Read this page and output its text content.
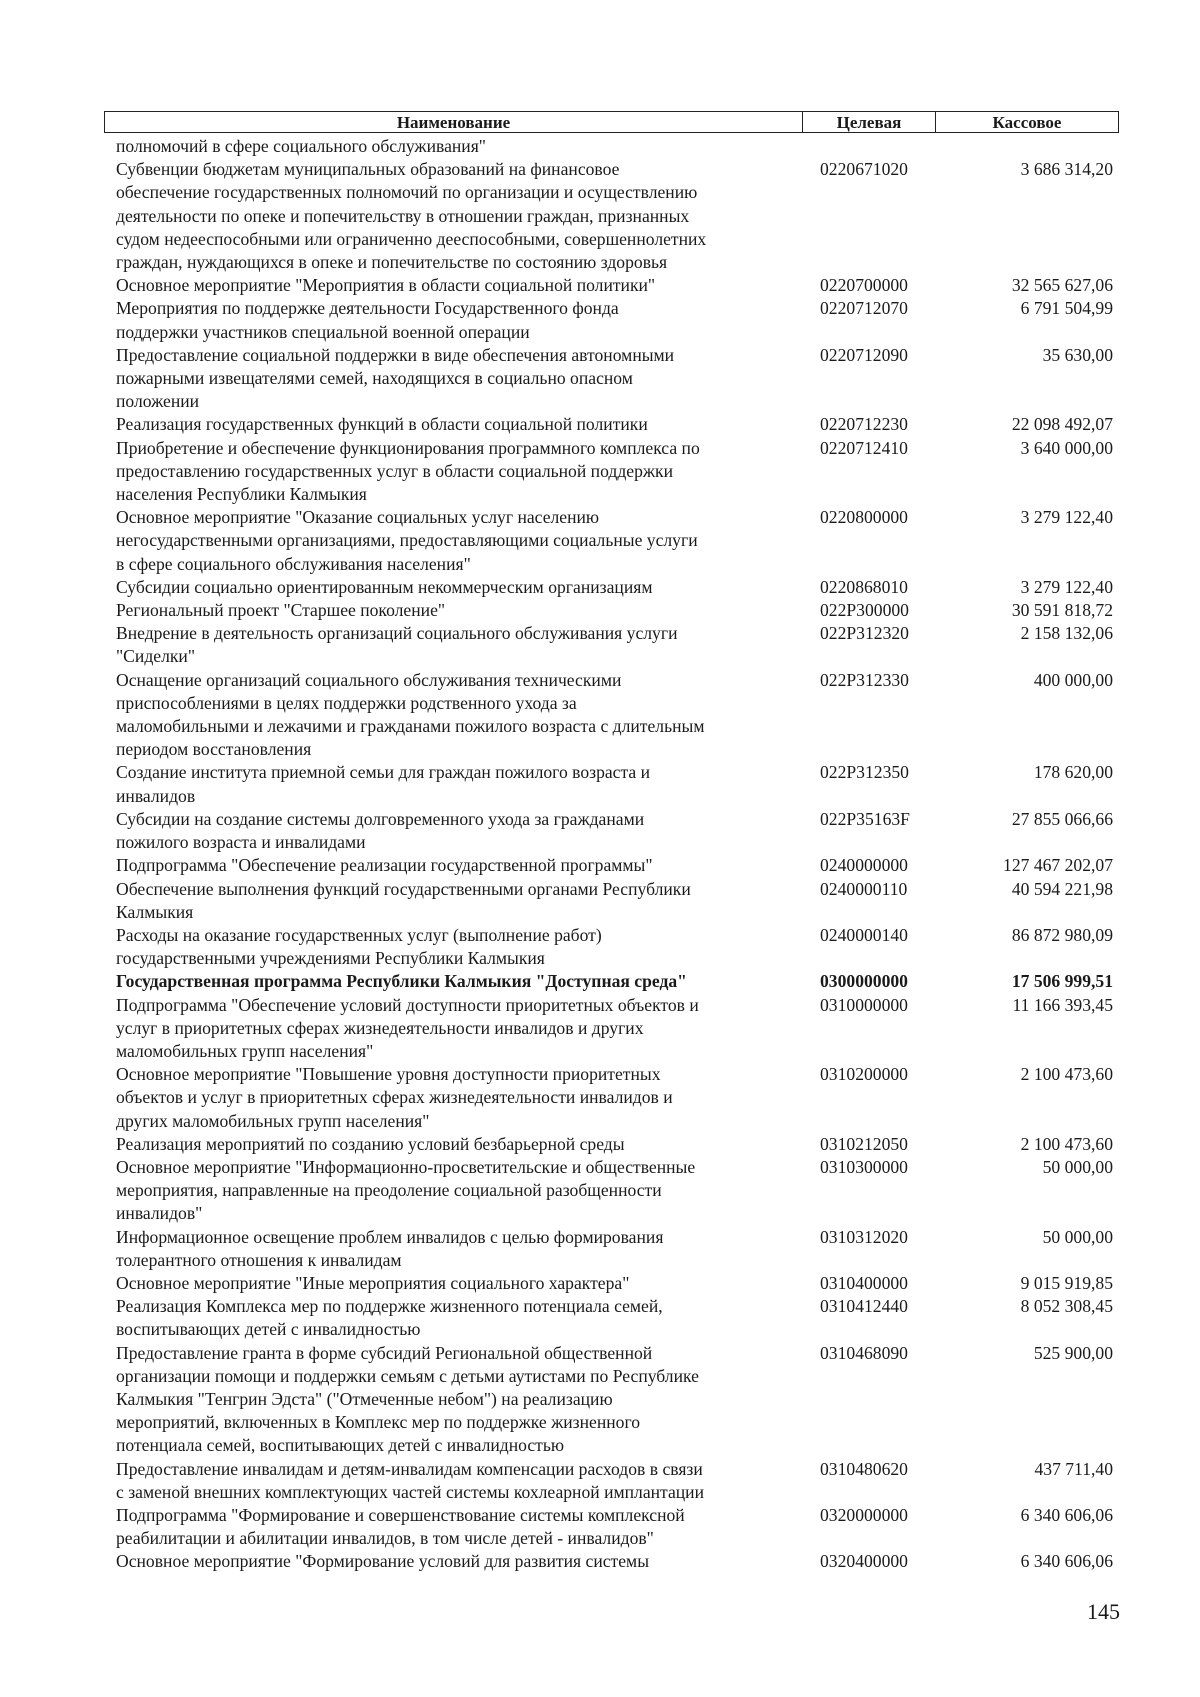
Наименование	Целевая	Кассовое
полномочий в сфере социального обслуживания"
Субвенции бюджетам муниципальных образований на финансовое
обеспечение государственных полномочий по организации и осуществлению
деятельности по опеке и попечительству в отношении граждан, признанных
судом недееспособными или ограниченно дееспособными, совершеннолетних
граждан, нуждающихся в опеке и попечительстве по состоянию здоровья
0220671020	3 686 314,20
Основное мероприятие "Мероприятия в области социальной политики"	0220700000	32 565 627,06
Мероприятия по поддержке деятельности Государственного фонда
поддержки участников специальной военной операции
0220712070	6 791 504,99
Предоставление социальной поддержки в виде обеспечения автономными
пожарными извещателями семей, находящихся в социально опасном
положении
0220712090	35 630,00
Реализация государственных функций в области социальной политики	0220712230	22 098 492,07
Приобретение и обеспечение функционирования программного комплекса по
предоставлению государственных услуг в области социальной поддержки
населения Республики Калмыкия
0220712410	3 640 000,00
Основное мероприятие "Оказание социальных услуг населению
негосударственными организациями, предоставляющими социальные услуги
в сфере социального обслуживания населения"
0220800000	3 279 122,40
Субсидии социально ориентированным некоммерческим организациям	0220868010	3 279 122,40
Региональный проект "Старшее поколение"	022P300000	30 591 818,72
Внедрение в деятельность организаций социального обслуживания услуги
"Сиделки"
022P312320	2 158 132,06
Оснащение организаций социального обслуживания техническими
приспособлениями в целях поддержки родственного ухода за
маломобильными и лежачими и гражданами пожилого возраста с длительным
периодом восстановления
022P312330	400 000,00
Создание института приемной семьи для граждан пожилого возраста и
инвалидов
022P312350	178 620,00
Субсидии на создание системы долговременного ухода за гражданами
пожилого возраста и инвалидами
022P35163F	27 855 066,66
Подпрограмма "Обеспечение реализации государственной программы"	0240000000	127 467 202,07
Обеспечение выполнения функций государственными органами Республики
Калмыкия
0240000110	40 594 221,98
Расходы на оказание государственных услуг (выполнение работ)
государственными учреждениями Республики Калмыкия
0240000140	86 872 980,09
Государственная программа Республики Калмыкия "Доступная среда"	0300000000	17 506 999,51
Подпрограмма "Обеспечение условий доступности приоритетных объектов и
услуг в приоритетных сферах жизнедеятельности инвалидов и других
маломобильных групп населения"
0310000000	11 166 393,45
Основное мероприятие "Повышение уровня доступности приоритетных
объектов и услуг в приоритетных сферах жизнедеятельности инвалидов и
других маломобильных групп населения"
0310200000	2 100 473,60
Реализация мероприятий по созданию условий безбарьерной среды	0310212050	2 100 473,60
Основное мероприятие "Информационно-просветительские и общественные
мероприятия, направленные на преодоление социальной разобщенности
инвалидов"
0310300000	50 000,00
Информационное освещение проблем инвалидов с целью формирования
толерантного отношения к инвалидам
0310312020	50 000,00
Основное мероприятие "Иные мероприятия социального характера"	0310400000	9 015 919,85
Реализация Комплекса мер по поддержке жизненного потенциала семей,
воспитывающих детей с инвалидностью
0310412440	8 052 308,45
Предоставление гранта в форме субсидий Региональной общественной
организации помощи и поддержки семьям с детьми аутистами по Республике
Калмыкия "Тенгрин Эдста" ("Отмеченные небом") на реализацию
мероприятий, включенных в Комплекс мер по поддержке жизненного
потенциала семей, воспитывающих детей с инвалидностью
0310468090	525 900,00
Предоставление инвалидам и детям-инвалидам компенсации расходов в связи
с заменой внешних комплектующих частей системы кохлеарной имплантации
0310480620	437 711,40
Подпрограмма "Формирование и совершенствование системы комплексной
реабилитации и абилитации инвалидов, в том числе детей - инвалидов"
0320000000	6 340 606,06
Основное мероприятие "Формирование условий для развития системы	0320400000	6 340 606,06
145
